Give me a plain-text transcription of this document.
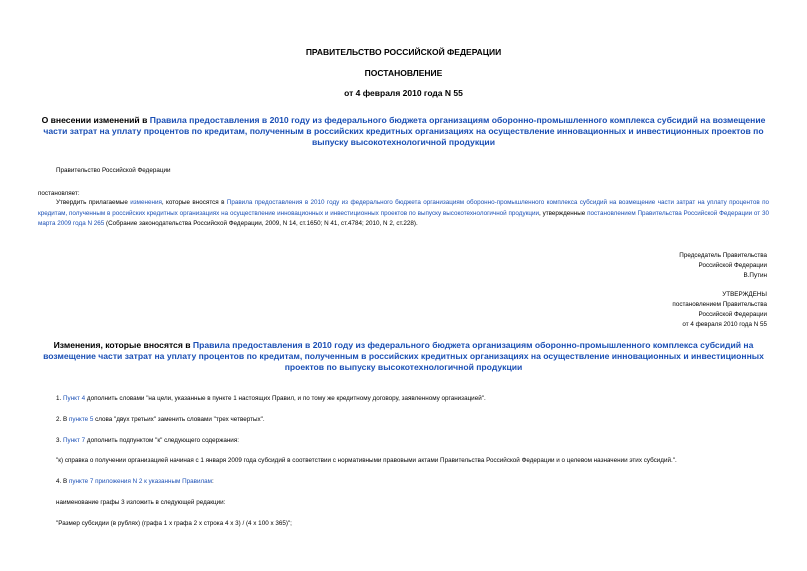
ПРАВИТЕЛЬСТВО РОССИЙСКОЙ ФЕДЕРАЦИИ
ПОСТАНОВЛЕНИЕ
от 4 февраля 2010 года N 55
О внесении изменений в Правила предоставления в 2010 году из федерального бюджета организациям оборонно-промышленного комплекса субсидий на возмещение части затрат на уплату процентов по кредитам, полученным в российских кредитных организациях на осуществление инновационных и инвестиционных проектов по выпуску высокотехнологичной продукции
Правительство Российской Федерации
постановляет:
Утвердить прилагаемые изменения, которые вносятся в Правила предоставления в 2010 году из федерального бюджета организациям оборонно-промышленного комплекса субсидий на возмещение части затрат на уплату процентов по кредитам, полученным в российских кредитных организациях на осуществление инновационных и инвестиционных проектов по выпуску высокотехнологичной продукции, утвержденные постановлением Правительства Российской Федерации от 30 марта 2009 года N 265 (Собрание законодательства Российской Федерации, 2009, N 14, ст.1650; N 41, ст.4784; 2010, N 2, ст.228).
Председатель Правительства
Российской Федерации
В.Путин
УТВЕРЖДЕНЫ
постановлением Правительства
Российской Федерации
от 4 февраля 2010 года N 55
Изменения, которые вносятся в Правила предоставления в 2010 году из федерального бюджета организациям оборонно-промышленного комплекса субсидий на возмещение части затрат на уплату процентов по кредитам, полученным в российских кредитных организациях на осуществление инновационных и инвестиционных проектов по выпуску высокотехнологичной продукции
1. Пункт 4 дополнить словами "на цели, указанные в пункте 1 настоящих Правил, и по тому же кредитному договору, заявленному организацией".
2. В пункте 5 слова "двух третьих" заменить словами "трех четвертых".
3. Пункт 7 дополнить подпунктом "к" следующего содержания:
"к) справка о получении организацией начиная с 1 января 2009 года субсидий в соответствии с нормативными правовыми актами Правительства Российской Федерации и о целевом назначении этих субсидий.".
4. В пункте 7 приложения N 2 к указанным Правилам:
наименование графы 3 изложить в следующей редакции:
"Размер субсидии (в рублях) (графа 1 х графа 2 х строка 4 х 3) / (4 х 100 х 365)";
